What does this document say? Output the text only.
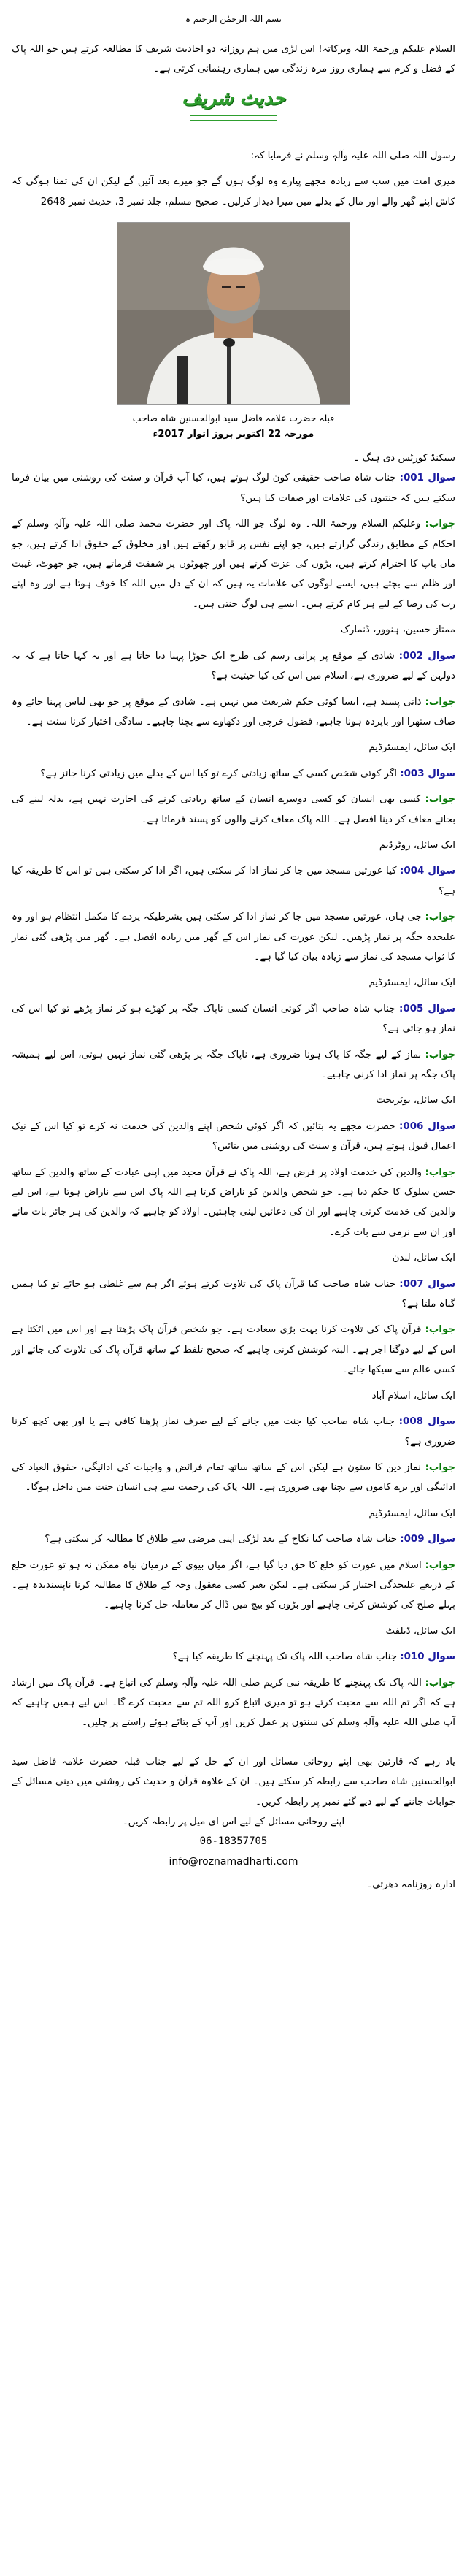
بسم اللہ الرحمٰن الرحیم ہ

السلام علیکم ورحمۃ اللہ وبرکاتہ! اس لڑی میں ہم روزانہ دو احادیث شریف کا مطالعہ کرتے ہیں جو اللہ پاک کے فضل و کرم سے ہماری روز مرہ زندگی میں ہماری رہنمائی کرتی ہے۔

حدیث شریف

رسول اللہ صلی اللہ علیہ وآلہٖ وسلم نے فرمایا کہ:

میری امت میں سب سے زیادہ مجھے پیارے وہ لوگ ہوں گے جو میرے بعد آئیں گے لیکن ان کی تمنا ہوگی کہ کاش اپنے گھر والے اور مال کے بدلے میں میرا دیدار کرلیں۔ صحیح مسلم، جلد نمبر 3، حدیث نمبر 2648

قبلہ حضرت علامہ فاضل سید ابوالحسنین شاہ صاحب
مورخہ 22 اکتوبر بروز اتوار 2017ء

سیکنڈ کورٹس دی ہیگ ۔

سوال 001: جناب شاہ صاحب حقیقی کون لوگ ہوتے ہیں، کیا آپ قرآن و سنت کی روشنی میں بیان فرما سکتے ہیں کہ جنتیوں کی علامات اور صفات کیا ہیں؟

جواب: وعلیکم السلام ورحمۃ اللہ۔ وہ لوگ جو اللہ پاک اور حضرت محمد صلی اللہ علیہ وآلہٖ وسلم کے احکام کے مطابق زندگی گزارتے ہیں، جو اپنے نفس پر قابو رکھتے ہیں اور مخلوق کے حقوق ادا کرتے ہیں، جو ماں باپ کا احترام کرتے ہیں، بڑوں کی عزت کرتے ہیں اور چھوٹوں پر شفقت فرماتے ہیں، جو جھوٹ، غیبت اور ظلم سے بچتے ہیں، ایسے لوگوں کی علامات یہ ہیں کہ ان کے دل میں اللہ کا خوف ہوتا ہے اور وہ اپنے رب کی رضا کے لیے ہر کام کرتے ہیں۔ ایسے ہی لوگ جنتی ہیں۔

ممتاز حسین، ہنوور، ڈنمارک

سوال 002: شادی کے موقع پر پرانی رسم کی طرح ایک جوڑا پہنا دیا جاتا ہے اور یہ کہا جاتا ہے کہ یہ دولہن کے لیے ضروری ہے، اسلام میں اس کی کیا حیثیت ہے؟

جواب: ذاتی پسند ہے، ایسا کوئی حکم شریعت میں نہیں ہے۔ شادی کے موقع پر جو بھی لباس پہنا جائے وہ صاف ستھرا اور باپردہ ہونا چاہیے، فضول خرچی اور دکھاوے سے بچنا چاہیے۔ سادگی اختیار کرنا سنت ہے۔

ایک سائل، ایمسٹرڈیم

سوال 003: اگر کوئی شخص کسی کے ساتھ زیادتی کرے تو کیا اس کے بدلے میں زیادتی کرنا جائز ہے؟

جواب: کسی بھی انسان کو کسی دوسرے انسان کے ساتھ زیادتی کرنے کی اجازت نہیں ہے، بدلہ لینے کی بجائے معاف کر دینا افضل ہے۔ اللہ پاک معاف کرنے والوں کو پسند فرماتا ہے۔

ایک سائل، روٹرڈیم

سوال 004: کیا عورتیں مسجد میں جا کر نماز ادا کر سکتی ہیں، اگر ادا کر سکتی ہیں تو اس کا طریقہ کیا ہے؟

جواب: جی ہاں، عورتیں مسجد میں جا کر نماز ادا کر سکتی ہیں بشرطیکہ پردے کا مکمل انتظام ہو اور وہ علیحدہ جگہ پر نماز پڑھیں۔ لیکن عورت کی نماز اس کے گھر میں زیادہ افضل ہے۔ گھر میں پڑھی گئی نماز کا ثواب مسجد کی نماز سے زیادہ بیان کیا گیا ہے۔

ایک سائل، ایمسٹرڈیم

سوال 005: جناب شاہ صاحب اگر کوئی انسان کسی ناپاک جگہ پر کھڑے ہو کر نماز پڑھے تو کیا اس کی نماز ہو جاتی ہے؟

جواب: نماز کے لیے جگہ کا پاک ہونا ضروری ہے، ناپاک جگہ پر پڑھی گئی نماز نہیں ہوتی، اس لیے ہمیشہ پاک جگہ پر نماز ادا کرنی چاہیے۔

ایک سائل، یوٹریخت

سوال 006: حضرت مجھے یہ بتائیں کہ اگر کوئی شخص اپنے والدین کی خدمت نہ کرے تو کیا اس کے نیک اعمال قبول ہوتے ہیں، قرآن و سنت کی روشنی میں بتائیں؟

جواب: والدین کی خدمت اولاد پر فرض ہے، اللہ پاک نے قرآن مجید میں اپنی عبادت کے ساتھ والدین کے ساتھ حسن سلوک کا حکم دیا ہے۔ جو شخص والدین کو ناراض کرتا ہے اللہ پاک اس سے ناراض ہوتا ہے، اس لیے والدین کی خدمت کرنی چاہیے اور ان کی دعائیں لینی چاہئیں۔ اولاد کو چاہیے کہ والدین کی ہر جائز بات مانے اور ان سے نرمی سے بات کرے۔

ایک سائل، لندن

سوال 007: جناب شاہ صاحب کیا قرآن پاک کی تلاوت کرتے ہوئے اگر ہم سے غلطی ہو جائے تو کیا ہمیں گناہ ملتا ہے؟

جواب: قرآن پاک کی تلاوت کرنا بہت بڑی سعادت ہے۔ جو شخص قرآن پاک پڑھتا ہے اور اس میں اٹکتا ہے اس کے لیے دوگنا اجر ہے۔ البتہ کوشش کرنی چاہیے کہ صحیح تلفظ کے ساتھ قرآن پاک کی تلاوت کی جائے اور کسی عالم سے سیکھا جائے۔

ایک سائل، اسلام آباد

سوال 008: جناب شاہ صاحب کیا جنت میں جانے کے لیے صرف نماز پڑھنا کافی ہے یا اور بھی کچھ کرنا ضروری ہے؟

جواب: نماز دین کا ستون ہے لیکن اس کے ساتھ ساتھ تمام فرائض و واجبات کی ادائیگی، حقوق العباد کی ادائیگی اور برے کاموں سے بچنا بھی ضروری ہے۔ اللہ پاک کی رحمت سے ہی انسان جنت میں داخل ہوگا۔

ایک سائل، ایمسٹرڈیم

سوال 009: جناب شاہ صاحب کیا نکاح کے بعد لڑکی اپنی مرضی سے طلاق کا مطالبہ کر سکتی ہے؟

جواب: اسلام میں عورت کو خلع کا حق دیا گیا ہے، اگر میاں بیوی کے درمیان نباہ ممکن نہ ہو تو عورت خلع کے ذریعے علیحدگی اختیار کر سکتی ہے۔ لیکن بغیر کسی معقول وجہ کے طلاق کا مطالبہ کرنا ناپسندیدہ ہے۔ پہلے صلح کی کوشش کرنی چاہیے اور بڑوں کو بیچ میں ڈال کر معاملہ حل کرنا چاہیے۔

ایک سائل، ڈیلفٹ

سوال 010: جناب شاہ صاحب اللہ پاک تک پہنچنے کا طریقہ کیا ہے؟

جواب: اللہ پاک تک پہنچنے کا طریقہ نبی کریم صلی اللہ علیہ وآلہٖ وسلم کی اتباع ہے۔ قرآن پاک میں ارشاد ہے کہ اگر تم اللہ سے محبت کرتے ہو تو میری اتباع کرو اللہ تم سے محبت کرے گا۔ اس لیے ہمیں چاہیے کہ آپ صلی اللہ علیہ وآلہٖ وسلم کی سنتوں پر عمل کریں اور آپ کے بتائے ہوئے راستے پر چلیں۔

یاد رہے کہ قارئین بھی اپنے روحانی مسائل اور ان کے حل کے لیے جناب قبلہ حضرت علامہ فاضل سید ابوالحسنین شاہ صاحب سے رابطہ کر سکتے ہیں۔ ان کے علاوہ قرآن و حدیث کی روشنی میں دینی مسائل کے جوابات جاننے کے لیے دیے گئے نمبر پر رابطہ کریں۔

اپنے روحانی مسائل کے لیے اس ای میل پر رابطہ کریں۔

06-18357705

info@roznamadharti.com

ادارہ روزنامہ دھرتی۔
